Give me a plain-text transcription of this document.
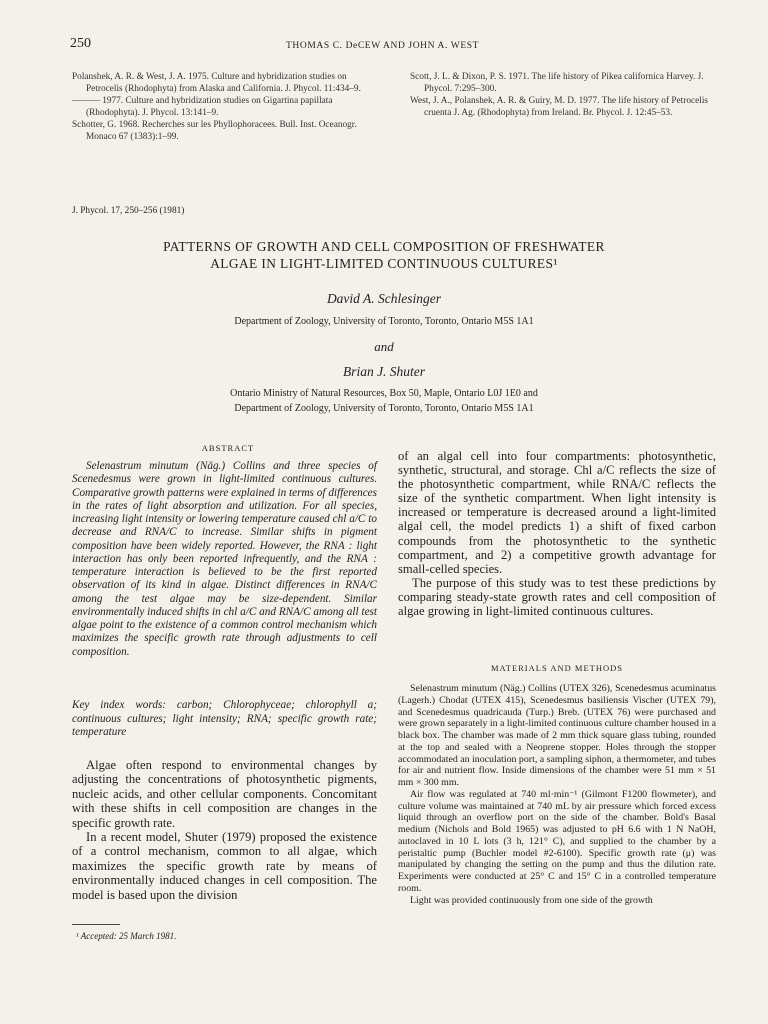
250	THOMAS C. DeCEW AND JOHN A. WEST

Polanshek, A. R. & West, J. A. 1975. Culture and hybridization studies on Petrocelis (Rhodophyta) from Alaska and California. J. Phycol. 11:434–9.

——— 1977. Culture and hybridization studies on Gigartina papillata (Rhodophyta). J. Phycol. 13:141–9.

Schotter, G. 1968. Recherches sur les Phyllophoracees. Bull. Inst. Oceanogr. Monaco 67 (1383):1–99.

Scott, J. L. & Dixon, P. S. 1971. The life history of Pikea californica Harvey. J. Phycol. 7:295–300.

West, J. A., Polanshek, A. R. & Guiry, M. D. 1977. The life history of Petrocelis cruenta J. Ag. (Rhodophyta) from Ireland. Br. Phycol. J. 12:45–53.

J. Phycol. 17, 250–256 (1981)
PATTERNS OF GROWTH AND CELL COMPOSITION OF FRESHWATER
ALGAE IN LIGHT-LIMITED CONTINUOUS CULTURES¹
David A. Schlesinger
Department of Zoology, University of Toronto, Toronto, Ontario M5S 1A1
and
Brian J. Shuter
Ontario Ministry of Natural Resources, Box 50, Maple, Ontario L0J 1E0 and
Department of Zoology, University of Toronto, Toronto, Ontario M5S 1A1
ABSTRACT

Selenastrum minutum (Näg.) Collins and three species of Scenedesmus were grown in light-limited continuous cultures. Comparative growth patterns were explained in terms of differences in the rates of light absorption and utilization. For all species, increasing light intensity or lowering temperature caused chl a/C to decrease and RNA/C to increase. Similar shifts in pigment composition have been widely reported. However, the RNA : light interaction has only been reported infrequently, and the RNA : temperature interaction is believed to be the first reported observation of its kind in algae. Distinct differences in RNA/C among the test algae may be size-dependent. Similar environmentally induced shifts in chl a/C and RNA/C among all test algae point to the existence of a common control mechanism which maximizes the specific growth rate through adjustments to cell composition.

Key index words: carbon; Chlorophyceae; chlorophyll a; continuous cultures; light intensity; RNA; specific growth rate; temperature

Algae often respond to environmental changes by adjusting the concentrations of photosynthetic pigments, nucleic acids, and other cellular components. Concomitant with these shifts in cell composition are changes in the specific growth rate.

In a recent model, Shuter (1979) proposed the existence of a control mechanism, common to all algae, which maximizes the specific growth rate by means of environmentally induced changes in cell composition. The model is based upon the division

¹ Accepted: 25 March 1981.

of an algal cell into four compartments: photosynthetic, synthetic, structural, and storage. Chl a/C reflects the size of the photosynthetic compartment, while RNA/C reflects the size of the synthetic compartment. When light intensity is increased or temperature is decreased around a light-limited algal cell, the model predicts 1) a shift of fixed carbon compounds from the photosynthetic to the synthetic compartment, and 2) a competitive growth advantage for small-celled species.

The purpose of this study was to test these predictions by comparing steady-state growth rates and cell composition of algae growing in light-limited continuous cultures.

MATERIALS AND METHODS

Selenastrum minutum (Näg.) Collins (UTEX 326), Scenedesmus acuminatus (Lagerh.) Chodat (UTEX 415), Scenedesmus basiliensis Vischer (UTEX 79), and Scenedesmus quadricauda (Turp.) Breb. (UTEX 76) were purchased and were grown separately in a light-limited continuous culture chamber housed in a black box. The chamber was made of 2 mm thick square glass tubing, rounded at the top and sealed with a Neoprene stopper. Holes through the stopper accommodated an inoculation port, a sampling siphon, a thermometer, and tubes for air and nutrient flow. Inside dimensions of the chamber were 51 mm × 51 mm × 300 mm.

Air flow was regulated at 740 ml·min⁻¹ (Gilmont F1200 flowmeter), and culture volume was maintained at 740 mL by air pressure which forced excess liquid through an overflow port on the side of the chamber. Bold's Basal medium (Nichols and Bold 1965) was adjusted to pH 6.6 with 1 N NaOH, autoclaved in 10 L lots (3 h, 121° C), and supplied to the chamber by a peristaltic pump (Buchler model #2-6100). Specific growth rate (μ) was manipulated by changing the setting on the pump and thus the dilution rate. Experiments were conducted at 25° C and 15° C in a controlled temperature room.

Light was provided continuously from one side of the growth
